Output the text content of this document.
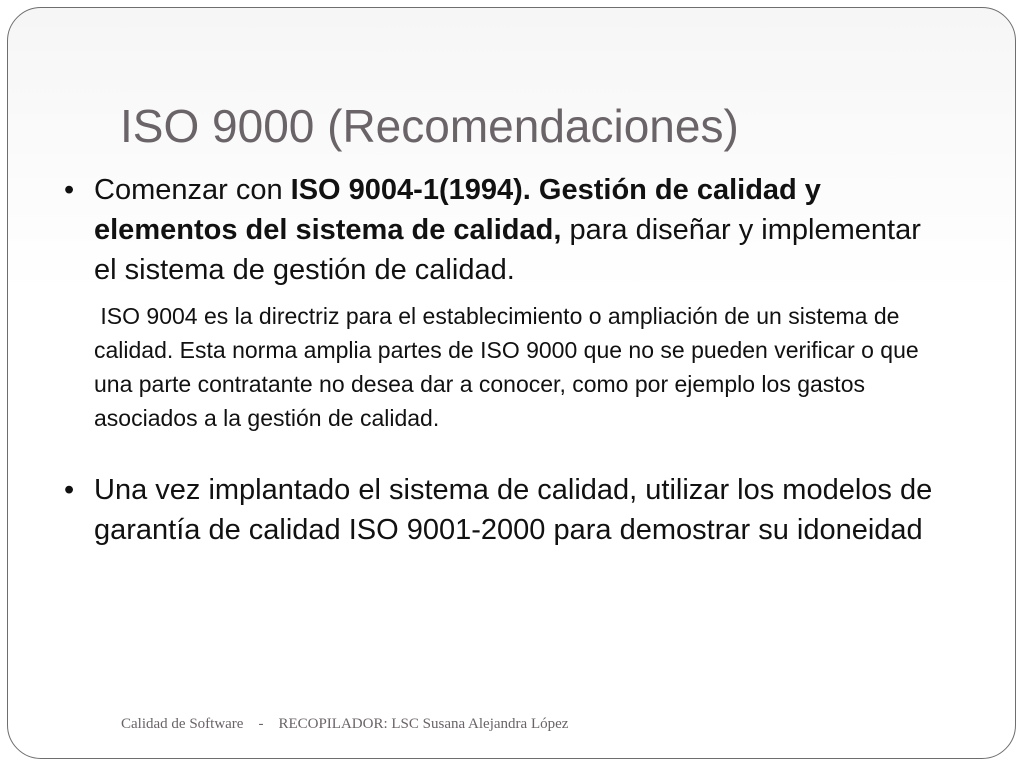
ISO 9000 (Recomendaciones)
• Comenzar con ISO 9004-1(1994). Gestión de calidad y elementos del sistema de calidad, para diseñar y implementar el sistema de gestión de calidad.
ISO 9004 es la directriz para el establecimiento o ampliación de un sistema de calidad. Esta norma amplia partes de ISO 9000 que no se pueden verificar o que una parte contratante no desea dar a conocer, como por ejemplo los gastos asociados a la gestión de calidad.
• Una vez implantado el sistema de calidad, utilizar los modelos de garantía de calidad ISO 9001-2000 para demostrar su idoneidad
Calidad de Software    -    RECOPILADOR: LSC Susana Alejandra López
